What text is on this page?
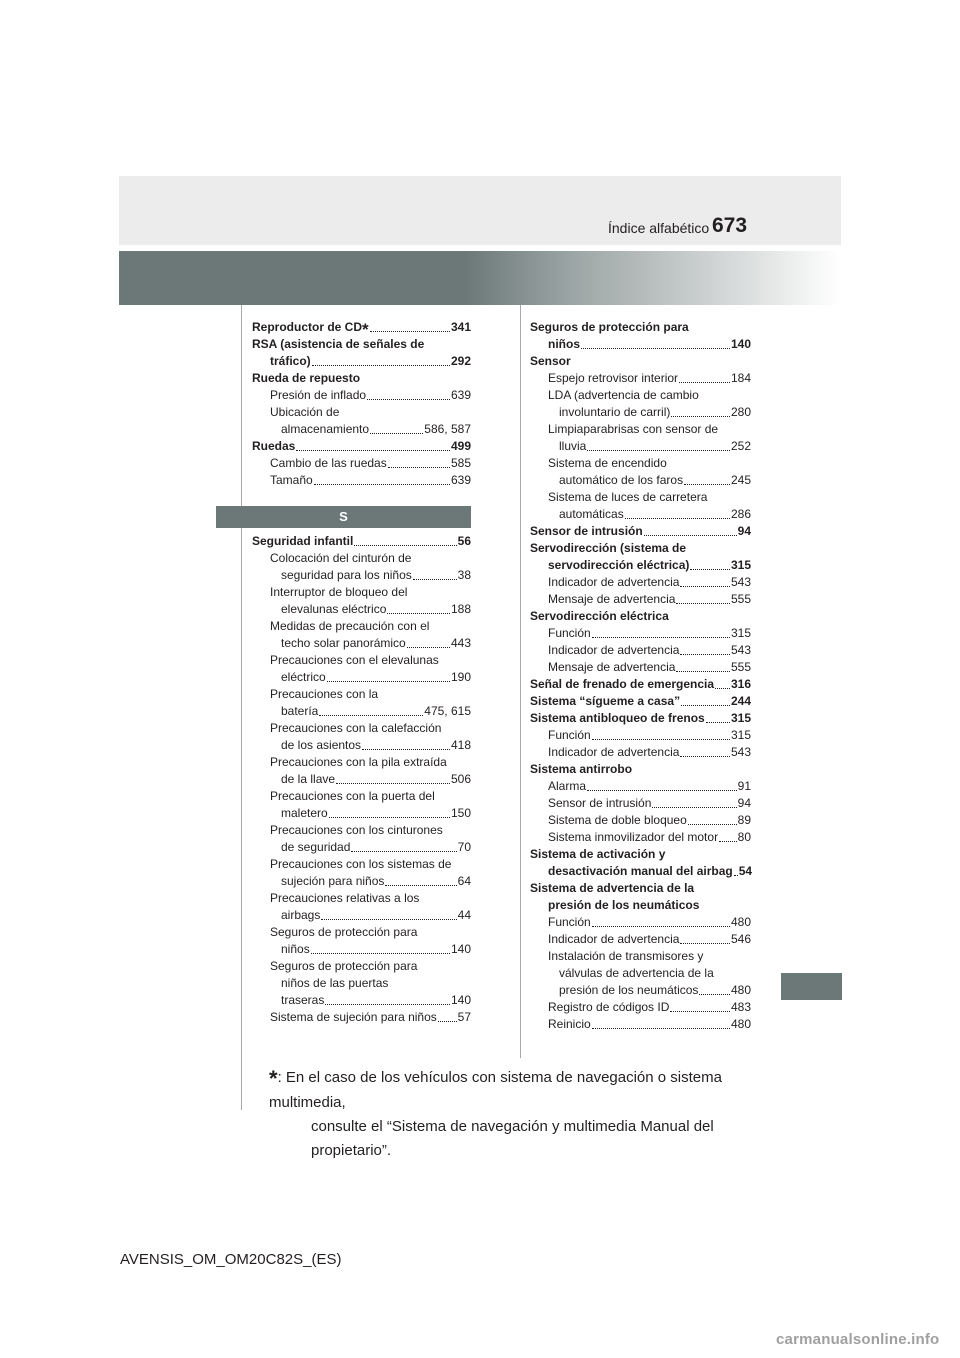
673
Índice alfabético
Reproductor de CD *	341
RSA (asistencia de señales de
tráfico)	292
Rueda de repuesto
Presión de inflado	639
Ubicación de
almacenamiento	586, 587
Ruedas	499
Cambio de las ruedas	585
Tamaño	639
S
Seguridad infantil	56
Colocación del cinturón de
seguridad para los niños	38
Interruptor de bloqueo del
elevalunas eléctrico	188
Medidas de precaución con el
techo solar panorámico	443
Precauciones con el elevalunas
eléctrico	190
Precauciones con la
batería	475, 615
Precauciones con la calefacción
de los asientos	418
Precauciones con la pila extraída
de la llave	506
Precauciones con la puerta del
maletero	150
Precauciones con los cinturones
de seguridad	70
Precauciones con los sistemas de
sujeción para niños	64
Precauciones relativas a los
airbags	44
Seguros de protección para
niños	140
Seguros de protección para
niños de las puertas
traseras	140
Sistema de sujeción para niños 57
Seguros de protección para
niños	140
Sensor
Espejo retrovisor interior	184
LDA (advertencia de cambio
involuntario de carril)	280
Limpiaparabrisas con sensor de
lluvia	252
Sistema de encendido
automático de los faros	245
Sistema de luces de carretera
automáticas	286
Sensor de intrusión	94
Servodirección (sistema de
servodirección eléctrica)	315
Indicador de advertencia	543
Mensaje de advertencia	555
Servodirección eléctrica
Función	315
Indicador de advertencia	543
Mensaje de advertencia	555
Señal de frenado de emergencia 316
Sistema “sígueme a casa”	244
Sistema antibloqueo de frenos 315
Función	315
Indicador de advertencia	543
Sistema antirrobo
Alarma	91
Sensor de intrusión	94
Sistema de doble bloqueo	89
Sistema inmovilizador del motor 80
Sistema de activación y
desactivación manual del airbag 54
Sistema de advertencia de la
presión de los neumáticos
Función	480
Indicador de advertencia	546
Instalación de transmisores y
válvulas de advertencia de la
presión de los neumáticos	480
Registro de códigos ID	483
Reinicio	480
*: En el caso de los vehículos con sistema de navegación o sistema multimedia,
consulte el “Sistema de navegación y multimedia Manual del propietario”.
AVENSIS_OM_OM20C82S_(ES)
carmanualsonline.info
